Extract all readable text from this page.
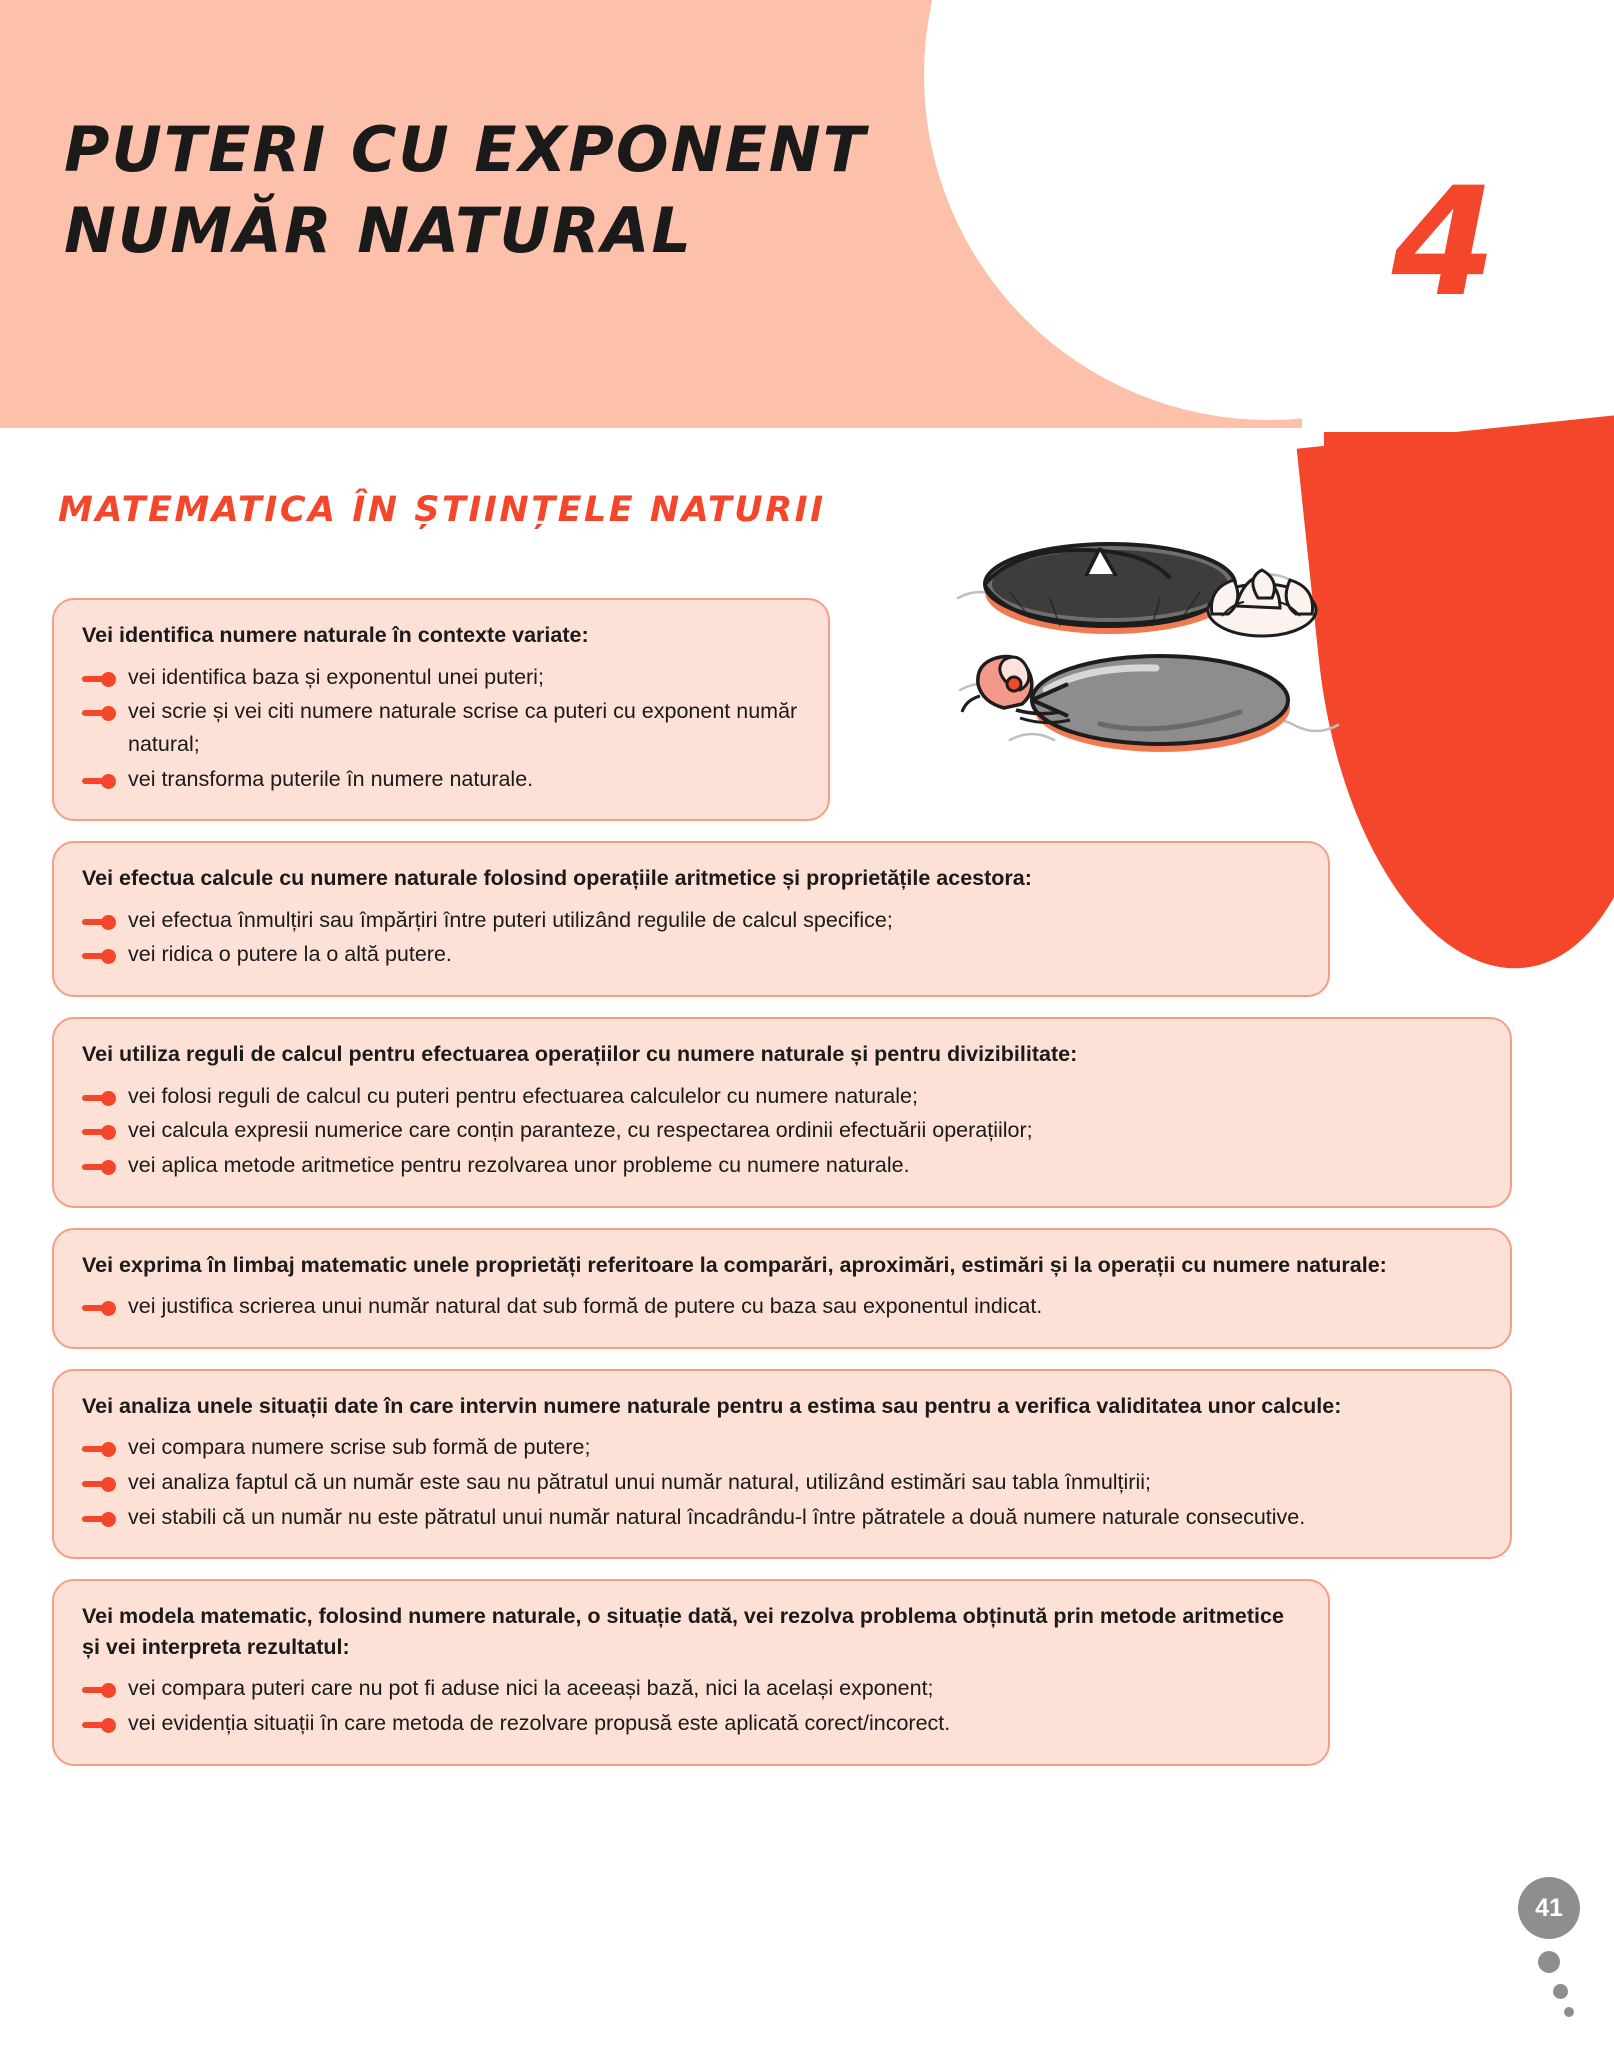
PUTERI CU EXPONENT
NUMĂR NATURAL	4
MATEMATICA ÎN ȘTIINȚELE NATURII
Vei identifica numere naturale în contexte variate:
vei identifica baza și exponentul unei puteri;
vei scrie și vei citi numere naturale scrise ca puteri cu exponent număr natural;
vei transforma puterile în numere naturale.
Vei efectua calcule cu numere naturale folosind operațiile aritmetice și proprietățile acestora:
vei efectua înmulțiri sau împărțiri între puteri utilizând regulile de calcul specifice;
vei ridica o putere la o altă putere.
Vei utiliza reguli de calcul pentru efectuarea operațiilor cu numere naturale și pentru divizibilitate:
vei folosi reguli de calcul cu puteri pentru efectuarea calculelor cu numere naturale;
vei calcula expresii numerice care conțin paranteze, cu respectarea ordinii efectuării operațiilor;
vei aplica metode aritmetice pentru rezolvarea unor probleme cu numere naturale.
Vei exprima în limbaj matematic unele proprietăți referitoare la comparări, aproximări, estimări și la operații cu numere naturale:
vei justifica scrierea unui număr natural dat sub formă de putere cu baza sau exponentul indicat.
Vei analiza unele situații date în care intervin numere naturale pentru a estima sau pentru a verifica validitatea unor calcule:
vei compara numere scrise sub formă de putere;
vei analiza faptul că un număr este sau nu pătratul unui număr natural, utilizând estimări sau tabla înmulțirii;
vei stabili că un număr nu este pătratul unui număr natural încadrându-l între pătratele a două numere naturale consecutive.
Vei modela matematic, folosind numere naturale, o situație dată, vei rezolva problema obținută prin metode aritmetice și vei interpreta rezultatul:
vei compara puteri care nu pot fi aduse nici la aceeași bază, nici la același exponent;
vei evidenția situații în care metoda de rezolvare propusă este aplicată corect/incorect.
41
